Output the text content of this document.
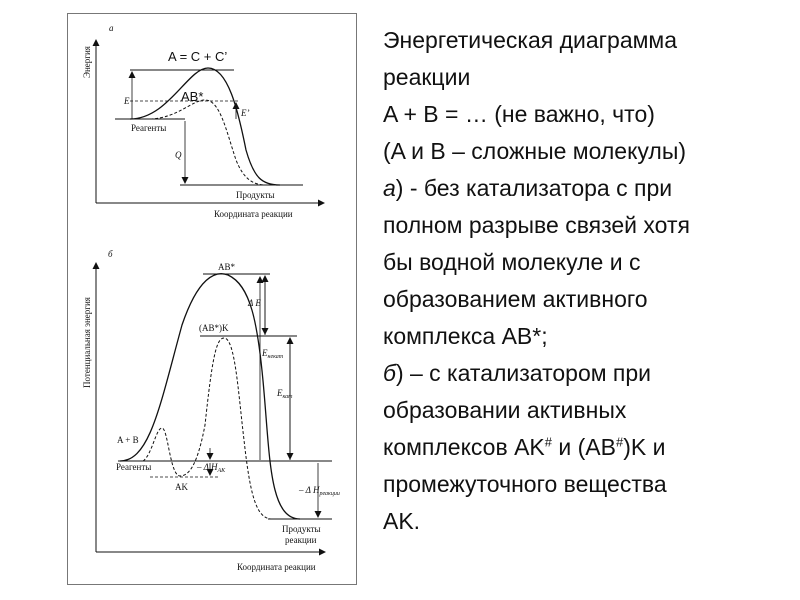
а
Энергия
Координата реакции
A = C + C’
AB*
E
E’
Q
Реагенты
Продукты
б
Потенциальная энергия
Координата реакции
AB*
(AB*)K
Δ E
$E_{некат}$
$E_{кат}$
A + B
Реагенты
AK
– Δ $H_{AK}$
– Δ $H_{реакции}$
Продукты
реакции
Энергетическая диаграмма
реакции
A + B = … (не важно, что)
(A и B – сложные молекулы)
а) - без катализатора с при
полном разрыве связей хотя
бы водной молекуле и с
образованием активного
комплекса AB*;
б) – с катализатором при
образовании активных
комплексов AK# и (AB#)K и
промежуточного вещества
AK.
